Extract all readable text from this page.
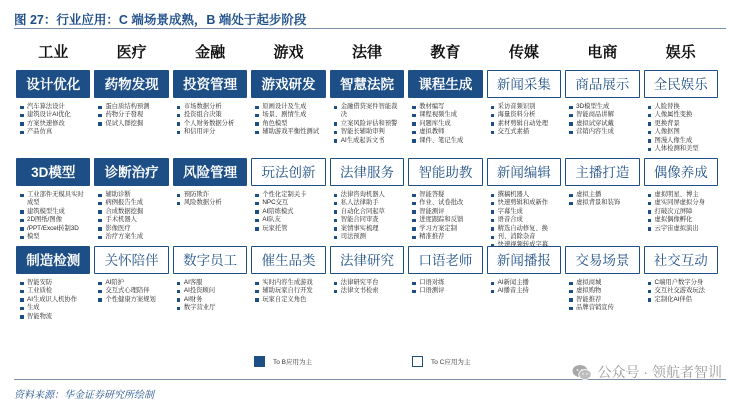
图 27：行业应用：C 端场景成熟，B 端处于起步阶段
工业	医疗	金融	游戏	法律	教育	传媒	电商	娱乐
设计优化
汽车算法设计
建筑设计AI优化
方案快速修改
产品仿真
药物发现
蛋白质结构预测
药物分子發現
促试人群挖掘
投资管理
市场数据分析
投资组合决策
个人财务数据分析
和信用评分
游戏研发
原画设计及生成
场景、剧情生成
角色模型
辅助游戏平衡性测试
智慧法院
金融借贷案件智能裁决
立案风险评估和预警
智能长辅助审判
AI生成起诉文书
课程生成
教材编写
课程视频生成
问题库生成
虚拟教师
课件、笔记生成
新闻采集
采访音频识别
海量资料分析
素材剪辑自动处理
交互式素描
商品展示
3D模型生成
智能商品讲解
虚拟试穿试戴
营销内容生成
全民娱乐
人脸替换
人像属性变换
更换背景
人像抠图
图漫人像生成
人体检测和美型
3D模型
工业部件无模具实时成型
建筑模型生成
2D图纸/图像
/PPT/Excel转制3D
模型
诊断治疗
辅助诊断
病例报告生成
合成数据挖掘
手术机器人
影像医疗
治疗方案生成
风险管理
预防欺诈
风险数据分析
玩法创新
个性化定制关卡
NPC交互
AI陪练模式
AI队友
玩家托管
法律服务
法律咨询机器人
私人法律助手
自动化合同起草
智能合同审查
案情事实梳理
司法预测
智能助教
智能答疑
作业、试卷批改
智能测评
进度跟踪和反馈
学习方案定制
精准推荐
新闻编辑
撰稿机器人
快速剪辑和成新作
字幕生成
语音合成
精选自动修复、换
刊、消除杂音
快速视频转成字幕
主播打造
虚拟主播
虚拟背景和装饰
偶像养成
虚拟明星、博主
虚实同屏虚拟分身
打破次元屏障
虚拟偶像孵化
云宇宙虚拟演出
制造检测
智能安防
工业质检
AI生成识人机协作
生成
智能物流
关怀陪伴
AI陪护
交互式心理陪伴
个性健康方案规划
数字员工
AI客服
AI投资顾问
AI财务
数字营业厅
催生品类
实时内容生成游戏
辅助玩家自行开发
玩家自定义角色
法律研究
法律研究平台
法律文书检索
口语老师
口语对练
口语测评
新闻播报
AI新闻主播
AI播音主持
交易场景
虚拟商城
虚拟购物
智能推荐
品牌营销宣传
社交互动
C端用户数字分身
交互社交游戏玩法
定制化AI伴侣
To B应用为主	To C应用为主
资料来源：华金证券研究所绘制
公众号 · 领航者智训
